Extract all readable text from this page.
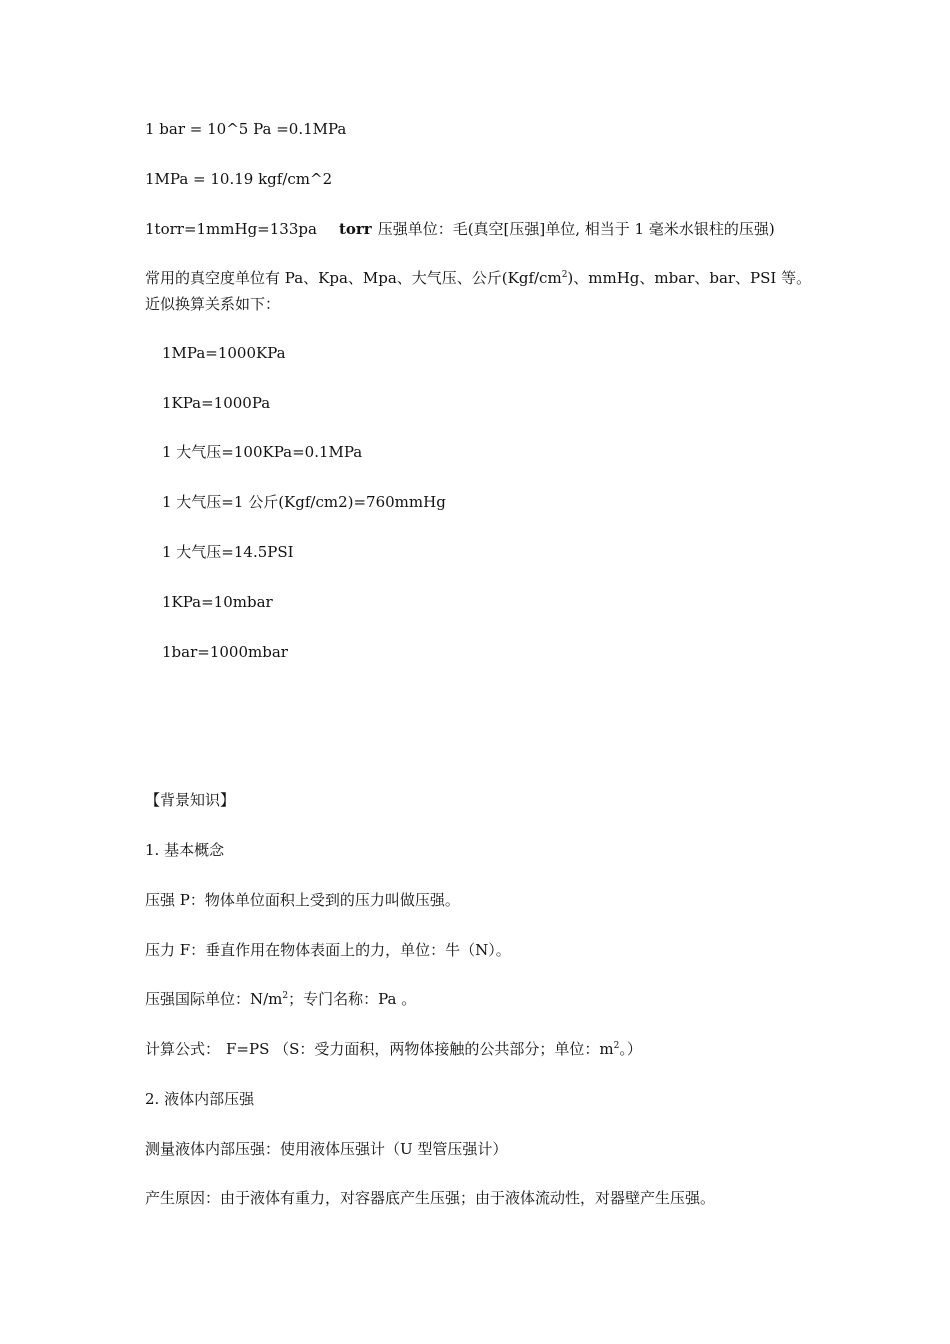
1 bar = 10^5 Pa =0.1MPa
1MPa = 10.19 kgf/cm^2
1torr=1mmHg=133pa torr 压强单位：毛(真空[压强]单位, 相当于 1 毫米水银柱的压强)
常用的真空度单位有 Pa、Kpa、Mpa、大气压、公斤$(Kgf/cm^2)$、mmHg、mbar、bar、PSI 等。
近似换算关系如下：
1MPa=1000KPa
1KPa=1000Pa
1 大气压=100KPa=0.1MPa
1 大气压=1 公斤(Kgf/cm2)=760mmHg
1 大气压=14.5PSI
1KPa=10mbar
1bar=1000mbar
【背景知识】
1. 基本概念
压强 P：物体单位面积上受到的压力叫做压强。
压力 F：垂直作用在物体表面上的力，单位：牛（N）。
压强国际单位：$N/m^2$；专门名称：Pa 。
计算公式： F=PS （S：受力面积，两物体接触的公共部分；单位：$m^2$。）
2. 液体内部压强
测量液体内部压强：使用液体压强计（U 型管压强计）
产生原因：由于液体有重力，对容器底产生压强；由于液体流动性，对器壁产生压强。
